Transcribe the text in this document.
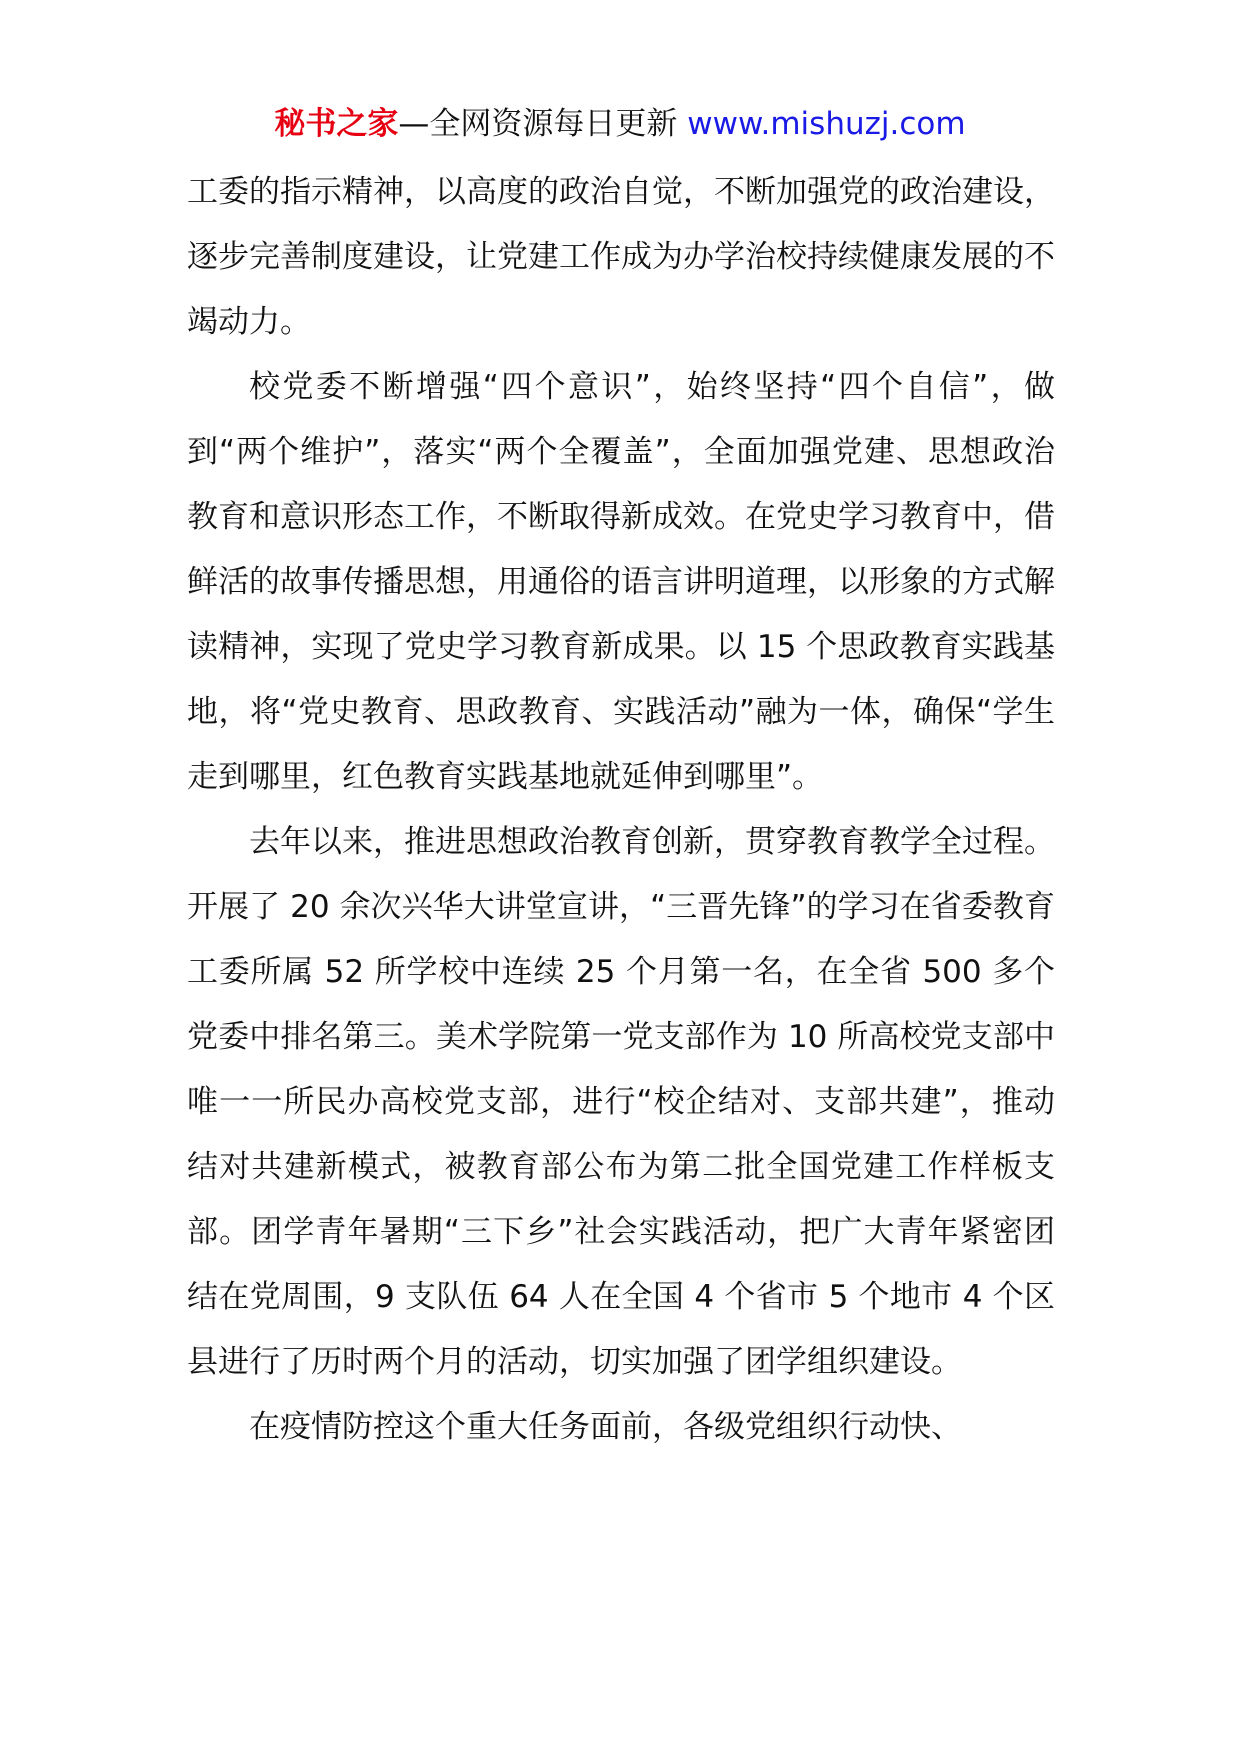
秘书之家—全网资源每日更新 www.mishuzj.com

工委的指示精神，以高度的政治自觉，不断加强党的政治建设，逐步完善制度建设，让党建工作成为办学治校持续健康发展的不竭动力。

校党委不断增强“四个意识”，始终坚持“四个自信”，做到“两个维护”，落实“两个全覆盖”，全面加强党建、思想政治教育和意识形态工作，不断取得新成效。在党史学习教育中，借鲜活的故事传播思想，用通俗的语言讲明道理，以形象的方式解读精神，实现了党史学习教育新成果。以 15 个思政教育实践基地，将“党史教育、思政教育、实践活动”融为一体，确保“学生走到哪里，红色教育实践基地就延伸到哪里”。

去年以来，推进思想政治教育创新，贯穿教育教学全过程。开展了 20 余次兴华大讲堂宣讲，“三晋先锋”的学习在省委教育工委所属 52 所学校中连续 25 个月第一名，在全省 500 多个党委中排名第三。美术学院第一党支部作为 10 所高校党支部中唯一一所民办高校党支部，进行“校企结对、支部共建”，推动结对共建新模式，被教育部公布为第二批全国党建工作样板支部。团学青年暑期“三下乡”社会实践活动，把广大青年紧密团结在党周围，9 支队伍 64 人在全国 4 个省市 5 个地市 4 个区县进行了历时两个月的活动，切实加强了团学组织建设。

在疫情防控这个重大任务面前，各级党组织行动快、
